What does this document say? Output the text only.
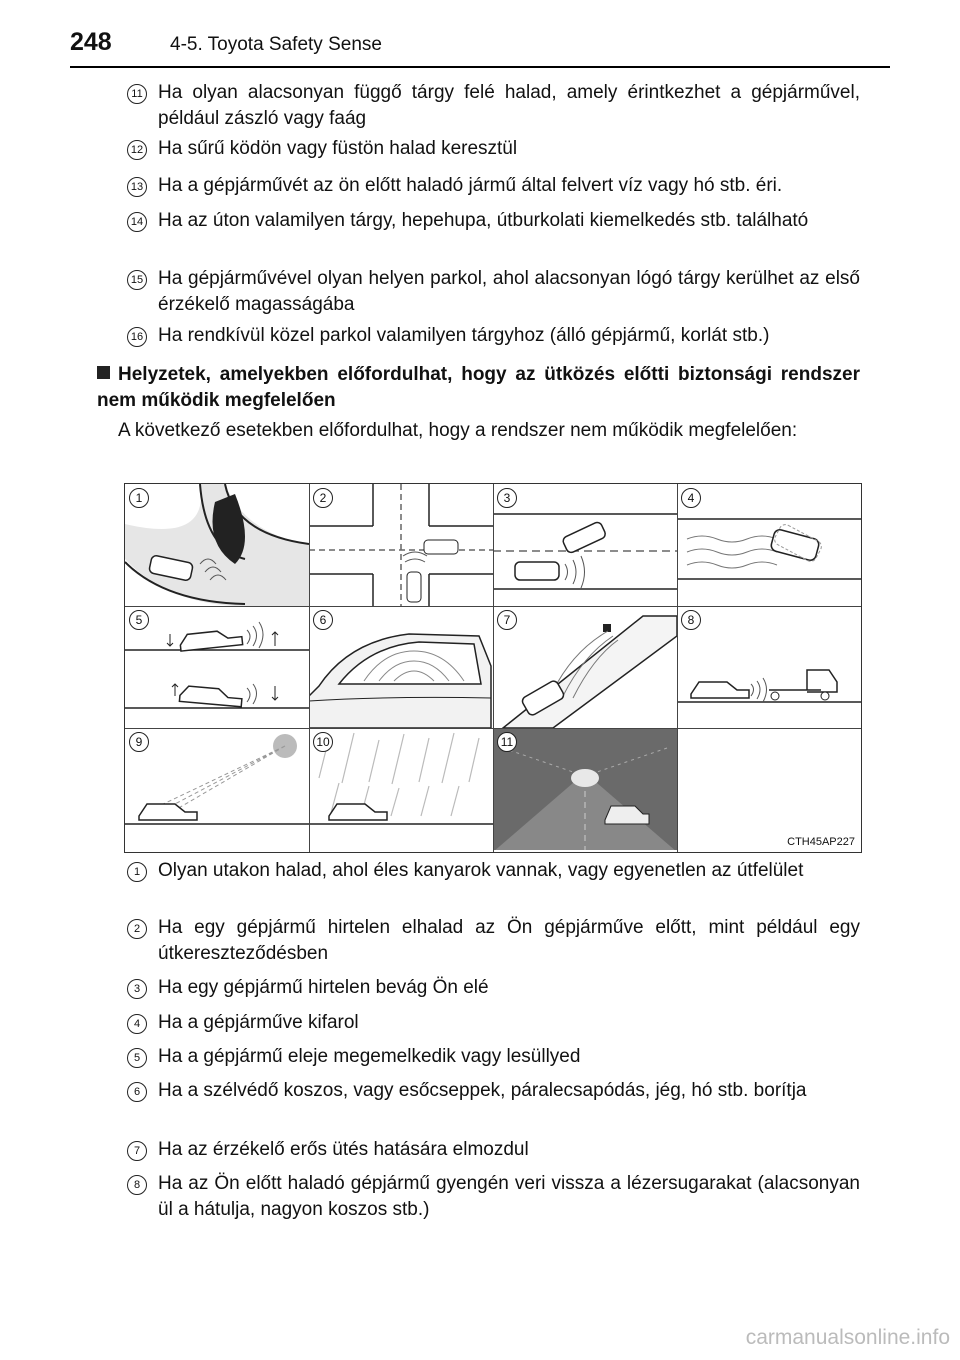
248	4-5. Toyota Safety Sense
11 Ha olyan alacsonyan függő tárgy felé halad, amely érintkezhet a gépjárművel, például zászló vagy faág
12 Ha sűrű ködön vagy füstön halad keresztül
13 Ha a gépjárművét az ön előtt haladó jármű által felvert víz vagy hó stb. éri.
14 Ha az úton valamilyen tárgy, hepehupa, útburkolati kiemelkedés stb. található
15 Ha gépjárművével olyan helyen parkol, ahol alacsonyan lógó tárgy kerülhet az első érzékelő magasságába
16 Ha rendkívül közel parkol valamilyen tárgyhoz (álló gépjármű, korlát stb.)
Helyzetek, amelyekben előfordulhat, hogy az ütközés előtti biztonsági rendszer nem működik megfelelően
A következő esetekben előfordulhat, hogy a rendszer nem működik megfelelően:
1	2	3	4
5	6	7	8
9	10	11
CTH45AP227
1 Olyan utakon halad, ahol éles kanyarok vannak, vagy egyenetlen az útfelület
2 Ha egy gépjármű hirtelen elhalad az Ön gépjárműve előtt, mint például egy útkereszteződésben
3 Ha egy gépjármű hirtelen bevág Ön elé
4 Ha a gépjárműve kifarol
5 Ha a gépjármű eleje megemelkedik vagy lesüllyed
6 Ha a szélvédő koszos, vagy esőcseppek, páralecsapódás, jég, hó stb. borítja
7 Ha az érzékelő erős ütés hatására elmozdul
8 Ha az Ön előtt haladó gépjármű gyengén veri vissza a lézersugarakat (alacsonyan ül a hátulja, nagyon koszos stb.)
carmanualsonline.info
